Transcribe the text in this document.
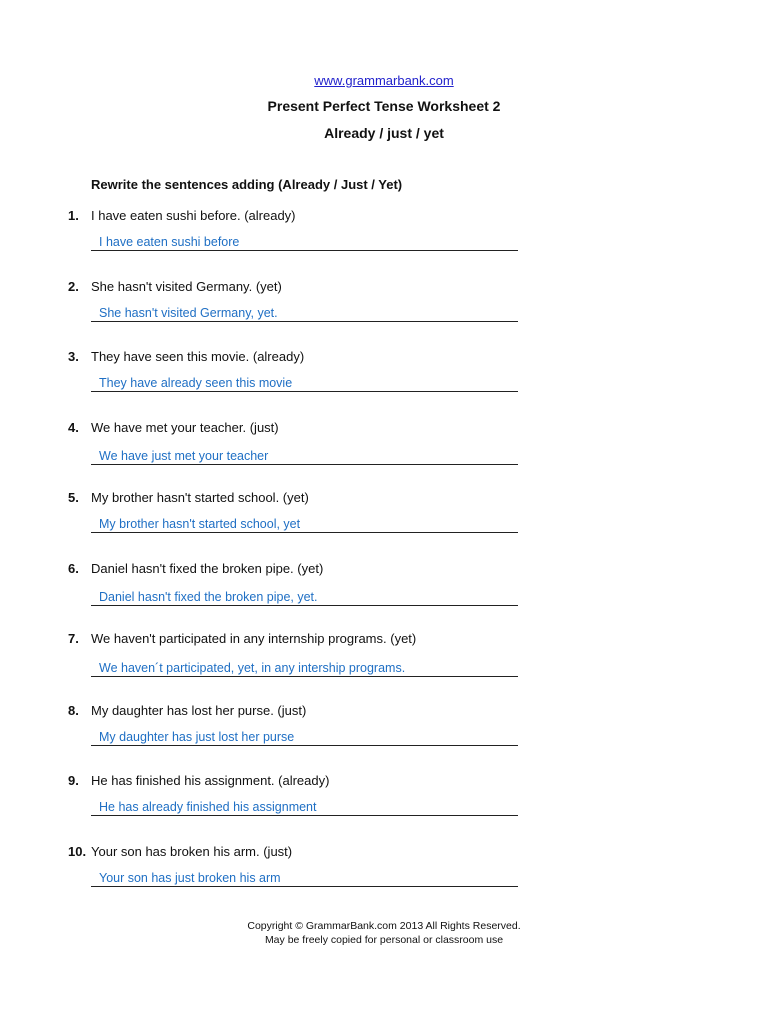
www.grammarbank.com
Present Perfect Tense Worksheet 2
Already / just / yet
Rewrite the sentences adding (Already / Just / Yet)
1. I have eaten sushi before. (already)
I have eaten sushi before
2. She hasn't visited Germany. (yet)
She hasn't visited Germany, yet.
3. They have seen this movie. (already)
They have already seen this movie
4. We have met your teacher. (just)
We have just met your teacher
5. My brother hasn't started school. (yet)
My brother hasn't started school, yet
6. Daniel hasn't fixed the broken pipe. (yet)
Daniel hasn't fixed the broken pipe, yet.
7. We haven't participated in any internship programs. (yet)
We haven´t participated, yet, in any intership programs.
8. My daughter has lost her purse. (just)
My daughter has just lost her purse
9. He has finished his assignment. (already)
He has already finished his assignment
10. Your son has broken his arm. (just)
Your son has just broken his arm
Copyright © GrammarBank.com 2013 All Rights Reserved.
May be freely copied for personal or classroom use
